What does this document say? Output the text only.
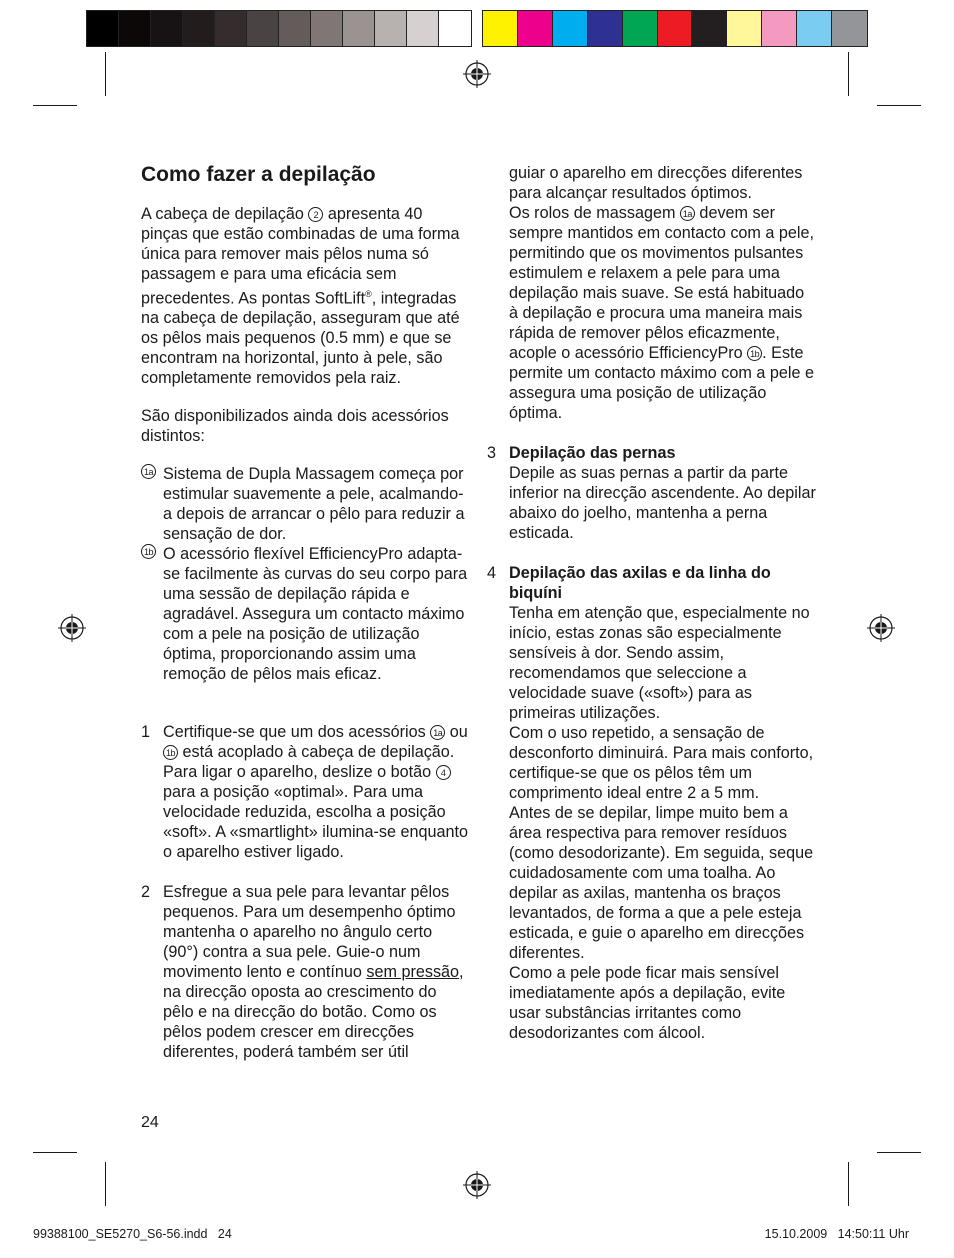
Como fazer a depilação

A cabeça de depilação 2 apresenta 40 pinças que estão combinadas de uma forma única para remover mais pêlos numa só passagem e para uma eficácia sem precedentes. As pontas SoftLift®, integradas na cabeça de depilação, asseguram que até os pêlos mais pequenos (0.5 mm) e que se encontram na horizontal, junto à pele, são completamente removidos pela raiz.

São disponibilizados ainda dois acessórios distintos:

1a Sistema de Dupla Massagem começa por estimular suavemente a pele, acalmando-a depois de arrancar o pêlo para reduzir a sensação de dor.
1b O acessório flexível EfficiencyPro adapta-se facilmente às curvas do seu corpo para uma sessão de depilação rápida e agradável. Assegura um contacto máximo com a pele na posição de utilização óptima, proporcionando assim uma remoção de pêlos mais eficaz.
1 Certifique-se que um dos acessórios 1a ou 1b está acoplado à cabeça de depilação.

Para ligar o aparelho, deslize o botão 4 para a posição «optimal». Para uma velocidade reduzida, escolha a posição «soft». A «smartlight» ilumina-se enquanto o aparelho estiver ligado.

2 Esfregue a sua pele para levantar pêlos pequenos. Para um desempenho óptimo mantenha o aparelho no ângulo certo (90°) contra a sua pele. Guie-o num movimento lento e contínuo sem pressão, na direcção oposta ao crescimento do pêlo e na direcção do botão. Como os pêlos podem crescer em direcções diferentes, poderá também ser útil

guiar o aparelho em direcções diferentes para alcançar resultados óptimos.

Os rolos de massagem 1a devem ser sempre mantidos em contacto com a pele, permitindo que os movimentos pulsantes estimulem e relaxem a pele para uma depilação mais suave. Se está habituado à depilação e procura uma maneira mais rápida de remover pêlos eficazmente, acople o acessório EfficiencyPro 1b . Este permite um contacto máximo com a pele e assegura uma posição de utilização óptima.

3 Depilação das pernas

Depile as suas pernas a partir da parte inferior na direcção ascendente. Ao depilar abaixo do joelho, mantenha a perna esticada.

4 Depilação das axilas e da linha do biquíni

Tenha em atenção que, especialmente no início, estas zonas são especialmente sensíveis à dor. Sendo assim, recomendamos que seleccione a velocidade suave («soft») para as primeiras utilizações.

Com o uso repetido, a sensação de desconforto diminuirá. Para mais conforto, certifique-se que os pêlos têm um comprimento ideal entre 2 a 5 mm.

Antes de se depilar, limpe muito bem a área respectiva para remover resíduos (como desodorizante). Em seguida, seque cuidadosamente com uma toalha. Ao depilar as axilas, mantenha os braços levantados, de forma a que a pele esteja esticada, e guie o aparelho em direcções diferentes.

Como a pele pode ficar mais sensível imediatamente após a depilação, evite usar substâncias irritantes como desodorizantes com álcool.

24
99388100_SE5270_S6-56.indd   24	15.10.2009   14:50:11 Uhr
